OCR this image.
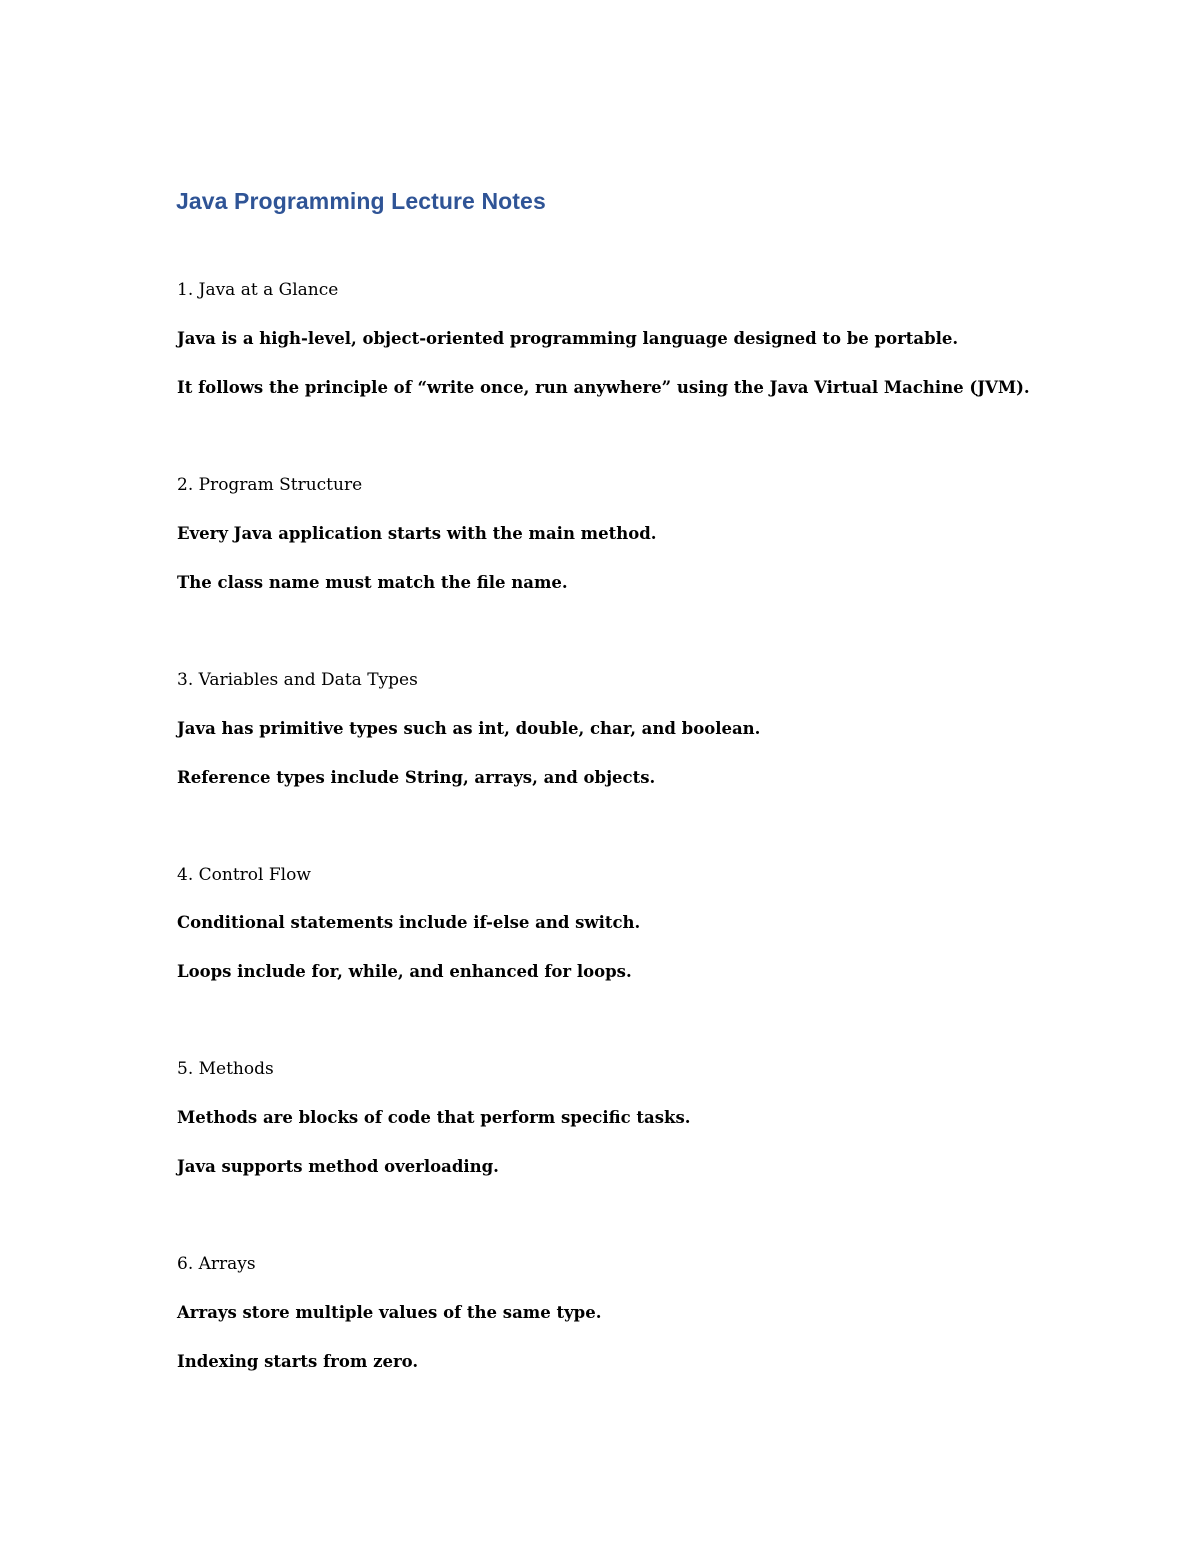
Java Programming Lecture Notes

1. Java at a Glance

Java is a high-level, object-oriented programming language designed to be portable.

It follows the principle of “write once, run anywhere” using the Java Virtual Machine (JVM).

2. Program Structure

Every Java application starts with the main method.

The class name must match the file name.

3. Variables and Data Types

Java has primitive types such as int, double, char, and boolean.

Reference types include String, arrays, and objects.

4. Control Flow

Conditional statements include if-else and switch.

Loops include for, while, and enhanced for loops.

5. Methods

Methods are blocks of code that perform specific tasks.

Java supports method overloading.

6. Arrays

Arrays store multiple values of the same type.

Indexing starts from zero.
